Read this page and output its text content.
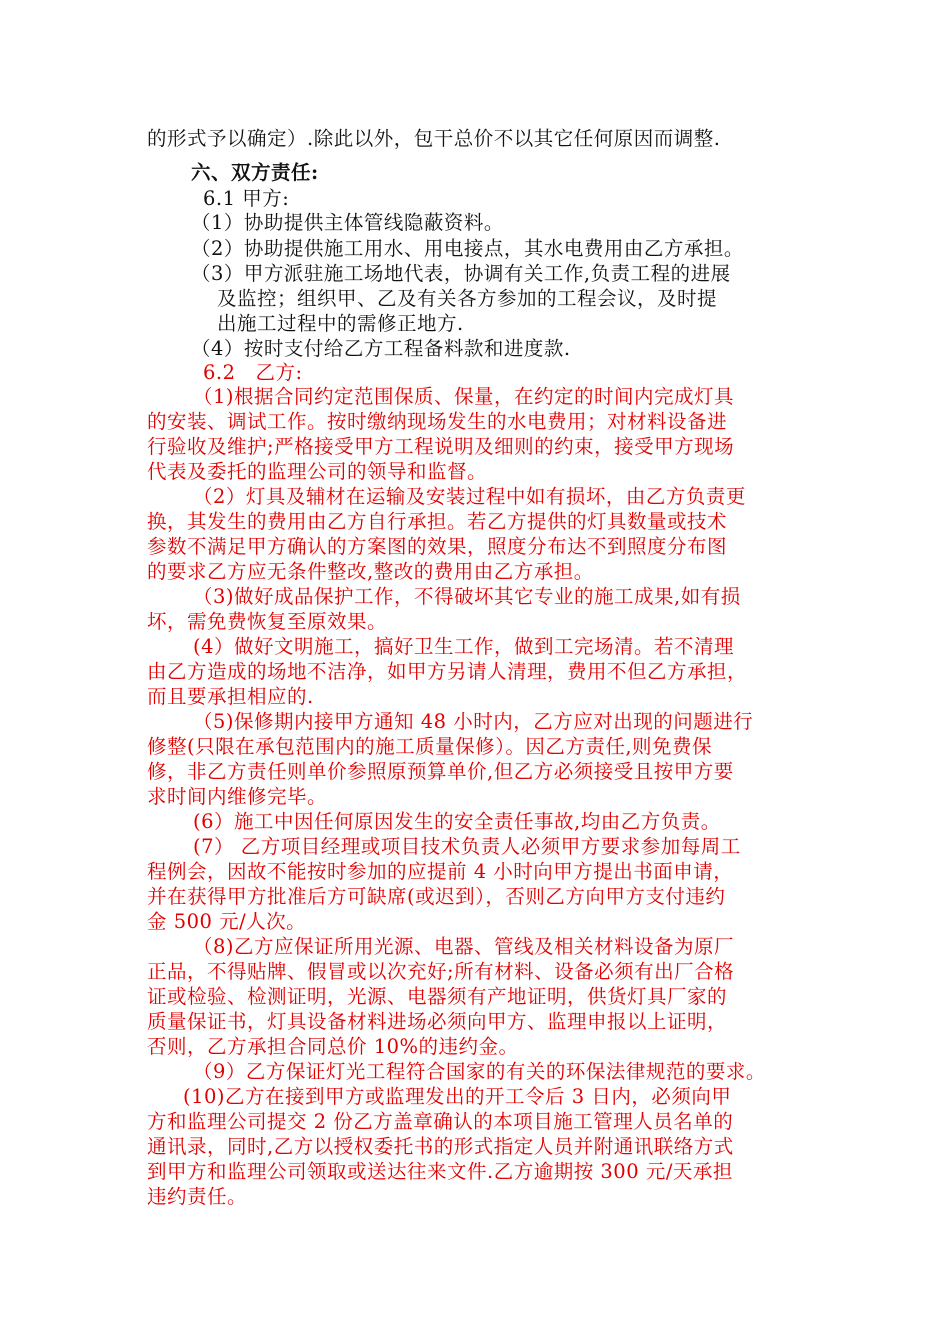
的形式予以确定）.除此以外，包干总价不以其它任何原因而调整.
六、双方责任:
6.1 甲方:
（1）协助提供主体管线隐蔽资料。
（2）协助提供施工用水、用电接点，其水电费用由乙方承担。
（3）甲方派驻施工场地代表，协调有关工作,负责工程的进展
及监控；组织甲、乙及有关各方参加的工程会议，及时提
出施工过程中的需修正地方.
（4）按时支付给乙方工程备料款和进度款.
6.2　乙方:
（1)根据合同约定范围保质、保量，在约定的时间内完成灯具
的安装、调试工作。按时缴纳现场发生的水电费用；对材料设备进
行验收及维护;严格接受甲方工程说明及细则的约束，接受甲方现场
代表及委托的监理公司的领导和监督。
（2）灯具及辅材在运输及安装过程中如有损坏，由乙方负责更
换，其发生的费用由乙方自行承担。若乙方提供的灯具数量或技术
参数不满足甲方确认的方案图的效果，照度分布达不到照度分布图
的要求乙方应无条件整改,整改的费用由乙方承担。
（3)做好成品保护工作，不得破坏其它专业的施工成果,如有损
坏，需免费恢复至原效果。
(4）做好文明施工，搞好卫生工作，做到工完场清。若不清理
由乙方造成的场地不洁净，如甲方另请人清理，费用不但乙方承担，
而且要承担相应的.
（5)保修期内接甲方通知 48 小时内，乙方应对出现的问题进行
修整(只限在承包范围内的施工质量保修）。因乙方责任,则免费保
修，非乙方责任则单价参照原预算单价,但乙方必须接受且按甲方要
求时间内维修完毕。
(6）施工中因任何原因发生的安全责任事故,均由乙方负责。
(7） 乙方项目经理或项目技术负责人必须甲方要求参加每周工
程例会，因故不能按时参加的应提前 4 小时向甲方提出书面申请，
并在获得甲方批准后方可缺席(或迟到），否则乙方向甲方支付违约
金 500 元/人次。
（8)乙方应保证所用光源、电器、管线及相关材料设备为原厂
正品，不得贴牌、假冒或以次充好;所有材料、设备必须有出厂合格
证或检验、检测证明，光源、电器须有产地证明，供货灯具厂家的
质量保证书，灯具设备材料进场必须向甲方、监理申报以上证明，
否则，乙方承担合同总价 10%的违约金。
（9）乙方保证灯光工程符合国家的有关的环保法律规范的要求。
(10)乙方在接到甲方或监理发出的开工令后 3 日内，必须向甲
方和监理公司提交 2 份乙方盖章确认的本项目施工管理人员名单的
通讯录，同时,乙方以授权委托书的形式指定人员并附通讯联络方式
到甲方和监理公司领取或送达往来文件.乙方逾期按 300 元/天承担
违约责任。
